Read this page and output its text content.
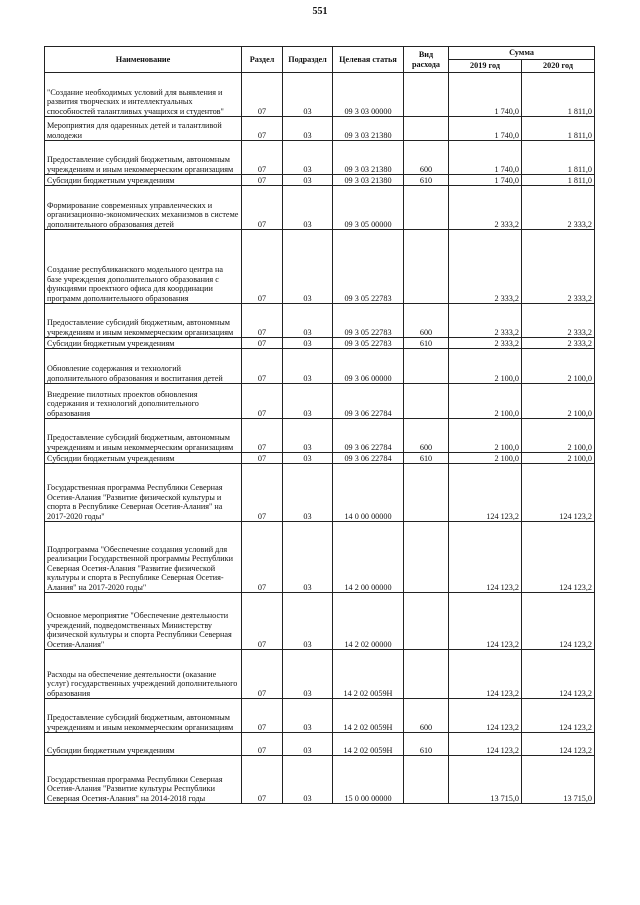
551
Наименование	Раздел	Подраздел	Целевая статья	Вид расхода	Сумма	
					2019 год	2020 год
"Создание необходимых условий для выявления и развития творческих и интеллектуальных способностей талантливых учащихся и студентов"	07	03	09 3 03 00000		1 740,0	1 811,0
Мероприятия для одаренных детей и талантливой молодежи	07	03	09 3 03 21380		1 740,0	1 811,0
Предоставление субсидий бюджетным, автономным учреждениям и иным некоммерческим организациям	07	03	09 3 03 21380	600	1 740,0	1 811,0
Субсидии бюджетным учреждениям	07	03	09 3 03 21380	610	1 740,0	1 811,0
Формирование современных управленческих и организационно-экономических механизмов в системе дополнительного образования детей	07	03	09 3 05 00000		2 333,2	2 333,2
Создание республиканского модельного центра на базе учреждения дополнительного образования с функциями проектного офиса для координации программ дополнительного образования	07	03	09 3 05 22783		2 333,2	2 333,2
Предоставление субсидий бюджетным, автономным учреждениям и иным некоммерческим организациям	07	03	09 3 05 22783	600	2 333,2	2 333,2
Субсидии бюджетным учреждениям	07	03	09 3 05 22783	610	2 333,2	2 333,2
Обновление содержания и технологий дополнительного образования и воспитания детей	07	03	09 3 06 00000		2 100,0	2 100,0
Внедрение пилотных проектов обновления содержания и технологий дополнительного образования	07	03	09 3 06 22784		2 100,0	2 100,0
Предоставление субсидий бюджетным, автономным учреждениям и иным некоммерческим организациям	07	03	09 3 06 22784	600	2 100,0	2 100,0
Субсидии бюджетным учреждениям	07	03	09 3 06 22784	610	2 100,0	2 100,0
Государственная программа Республики Северная Осетия-Алания "Развитие физической культуры и спорта в Республике Северная Осетия-Алания" на 2017-2020 годы"	07	03	14 0 00 00000		124 123,2	124 123,2
Подпрограмма "Обеспечение создания условий для реализации Государственной программы Республики Северная Осетия-Алания "Развитие физической культуры и спорта в Республике Северная Осетия-Алания" на 2017-2020 годы"	07	03	14 2 00 00000		124 123,2	124 123,2
Основное мероприятие "Обеспечение деятельности учреждений, подведомственных Министерству физической культуры и спорта Республики Северная Осетия-Алания"	07	03	14 2 02 00000		124 123,2	124 123,2
Расходы на обеспечение деятельности (оказание услуг) государственных учреждений дополнительного образования	07	03	14 2 02 0059Н		124 123,2	124 123,2
Предоставление субсидий бюджетным, автономным учреждениям и иным некоммерческим организациям	07	03	14 2 02 0059Н	600	124 123,2	124 123,2
Субсидии бюджетным учреждениям	07	03	14 2 02 0059Н	610	124 123,2	124 123,2
Государственная программа Республики Северная Осетия-Алания "Развитие культуры Республики Северная Осетия-Алания" на 2014-2018 годы	07	03	15 0 00 00000		13 715,0	13 715,0
